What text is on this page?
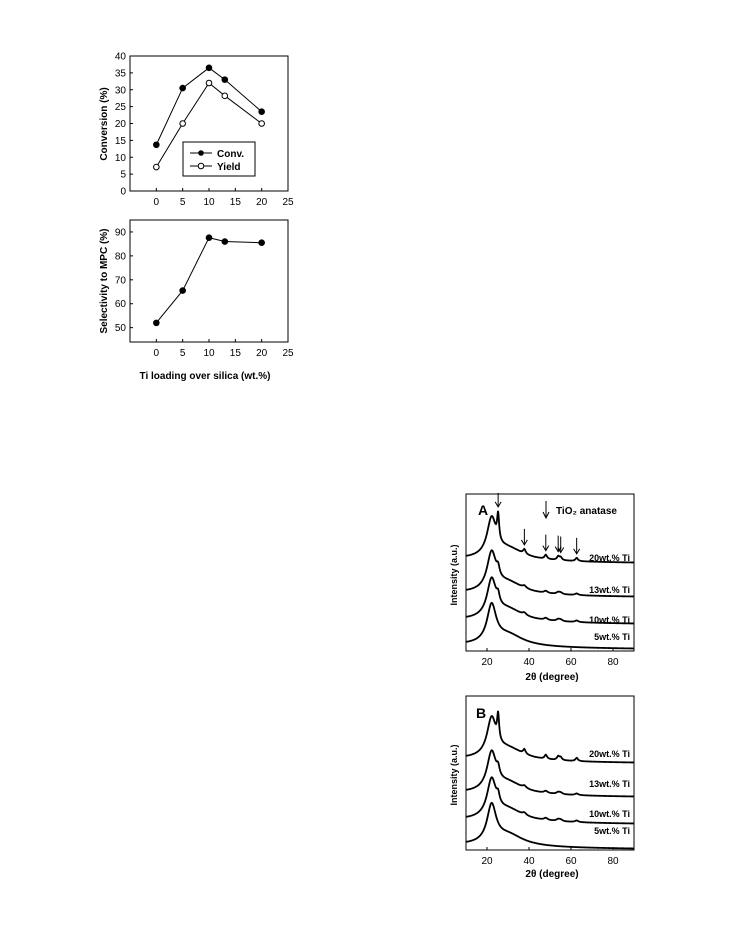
0 5 10 15 20 25
0
5
10
15
20
25
30
35
40
Conversion (%)	Conv.
Yield
0 5 10 15 20 25
50
60
70
80
90
Selectivity to MPC (%)
Ti loading over silica (wt.%)
A	TiO₂ anatase
20	40	60	80
20wt.% Ti
13wt.% Ti
10wt.% Ti
5wt.% Ti
Intensity (a.u.)
2θ (degree)
B
20	40	60	80
20wt.% Ti
13wt.% Ti
10wt.% Ti
5wt.% Ti
Intensity (a.u.)
2θ (degree)
